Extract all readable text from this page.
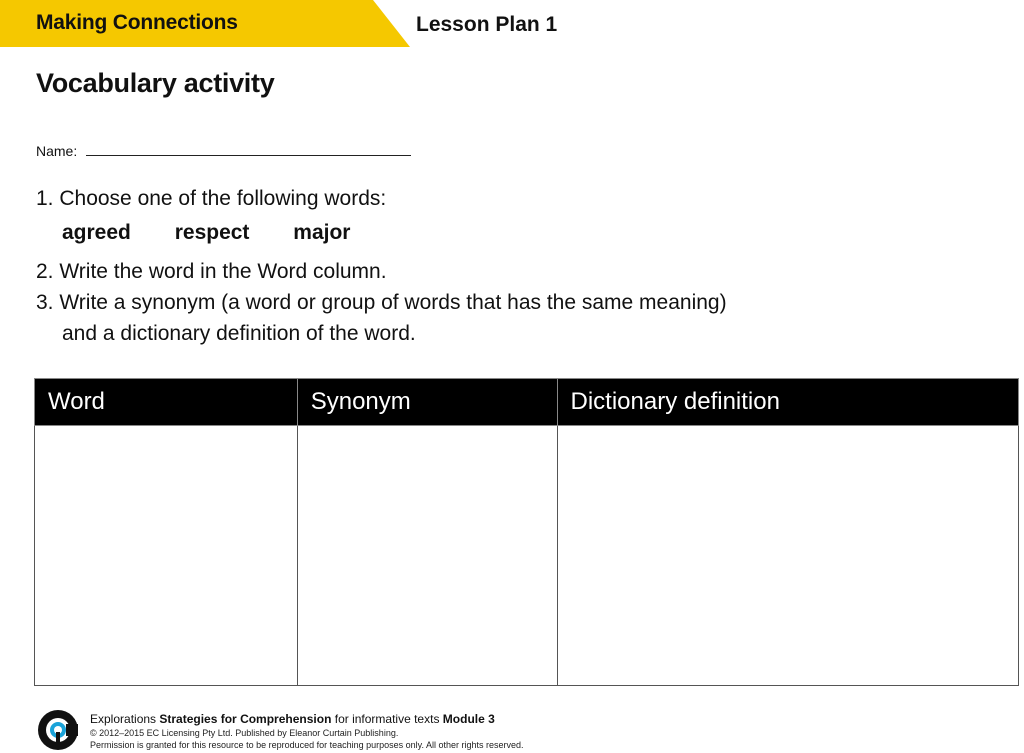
Making Connections	Lesson Plan 1
Vocabulary activity
Name:
1. Choose one of the following words:
agreed respect major
2. Write the word in the Word column.
3. Write a synonym (a word or group of words that has the same meaning)
and a dictionary definition of the word.
Word	Synonym	Dictionary definition

Explorations Strategies for Comprehension for informative texts Module 3
© 2012–2015 EC Licensing Pty Ltd. Published by Eleanor Curtain Publishing.
Permission is granted for this resource to be reproduced for teaching purposes only. All other rights reserved.
